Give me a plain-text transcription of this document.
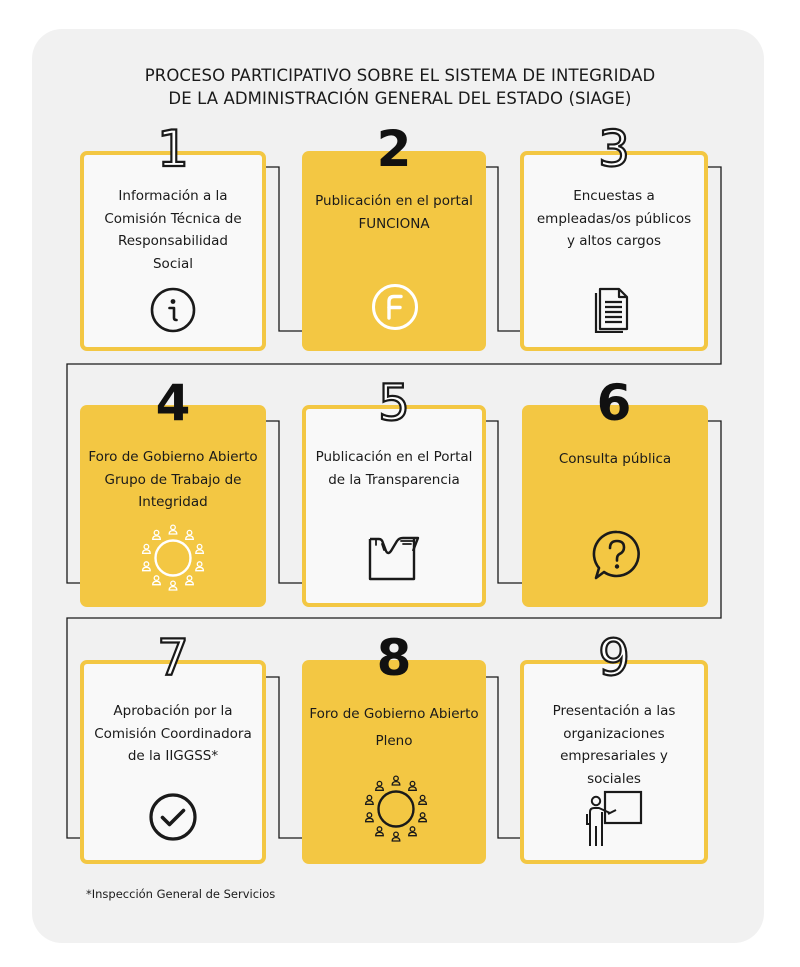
PROCESO PARTICIPATIVO SOBRE EL SISTEMA DE INTEGRIDAD
DE LA ADMINISTRACIÓN GENERAL DEL ESTADO (SIAGE)
1	2	3
4	5	6
7	8	9
Información a la
Comisión Técnica de
Responsabilidad
Social
Publicación en el portal
FUNCIONA
Encuestas a
empleadas/os públicos
y altos cargos
Foro de Gobierno Abierto
Grupo de Trabajo de
Integridad
Publicación en el Portal
de la Transparencia
Consulta pública
Aprobación por la
Comisión Coordinadora
de la IIGGSS*
Foro de Gobierno Abierto
Pleno
Presentación a las
organizaciones
empresariales y
sociales
*Inspección General de Servicios
